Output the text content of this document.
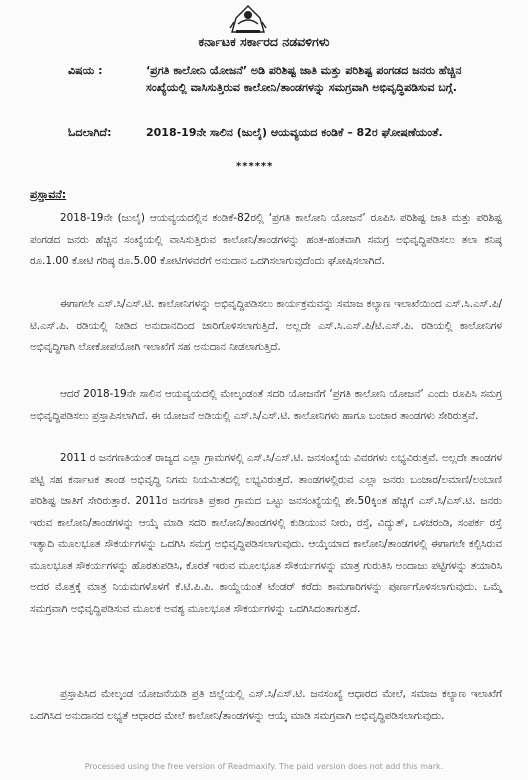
ಕರ್ನಾಟಕ ಸರ್ಕಾರದ ನಡವಳಿಗಳು
ವಿಷಯ :	‘ಪ್ರಗತಿ ಕಾಲೋನಿ ಯೋಜನೆ’ ಅಡಿ ಪರಿಶಿಷ್ಟ ಜಾತಿ ಮತ್ತು ಪರಿಶಿಷ್ಟ ಪಂಗಡದ ಜನರು ಹೆಚ್ಚಿನ ಸಂಖ್ಯೆಯಲ್ಲಿ ವಾಸಿಸುತ್ತಿರುವ ಕಾಲೋನಿ/ತಾಂಡಗಳನ್ನು ಸಮಗ್ರವಾಗಿ ಅಭಿವೃದ್ಧಿಪಡಿಸುವ ಬಗ್ಗೆ.
ಓದಲಾಗಿದೆ:	2018-19ನೇ ಸಾಲಿನ (ಜುಲೈ) ಆಯವ್ಯಯದ ಕಂಡಿಕೆ – 82ರ ಘೋಷಣೆಯಂತೆ.
******
ಪ್ರಸ್ತಾವನೆ:

2018-19ನೇ (ಜುಲೈ) ಆಯವ್ಯಯದಲ್ಲಿನ ಕಂಡಿಕೆ-82ರಲ್ಲಿ ‘ಪ್ರಗತಿ ಕಾಲೋನಿ ಯೋಜನೆ’ ರೂಪಿಸಿ ಪರಿಶಿಷ್ಟ ಜಾತಿ ಮತ್ತು ಪರಿಶಿಷ್ಟ ಪಂಗಡದ ಜನರು ಹೆಚ್ಚಿನ ಸಂಖ್ಯೆಯಲ್ಲಿ ವಾಸಿಸುತ್ತಿರುವ ಕಾಲೋನಿ/ತಾಂಡಗಳನ್ನು ಹಂತ-ಹಂತವಾಗಿ ಸಮಗ್ರ ಅಭಿವೃದ್ಧಿಪಡಿಸಲು ತಲಾ ಕನಿಷ್ಠ ರೂ.1.00 ಕೋಟಿ ಗರಿಷ್ಠ ರೂ.5.00 ಕೋಟಿಗಳವರೆಗೆ ಅನುದಾನ ಒದಗಿಸಲಾಗುವುದೆಂದು ಘೋಷಿಸಲಾಗಿದೆ.

ಈಗಾಗಲೇ ಎಸ್.ಸಿ/ಎಸ್.ಟಿ. ಕಾಲೋನಿಗಳನ್ನು ಅಭಿವೃದ್ಧಿಪಡಿಸಲು ಕಾರ್ಯಕ್ರಮವನ್ನು ಸಮಾಜ ಕಲ್ಯಾಣ ಇಲಾಖೆಯಿಂದ ಎಸ್.ಸಿ.ಎಸ್.ಪಿ/ಟಿ.ಎಸ್.ಪಿ. ರಡಿಯಲ್ಲಿ ನೀಡಿದ ಅನುದಾನದಿಂದ ಜಾರಿಗೊಳಿಸಲಾಗುತ್ತಿದೆ. ಅಲ್ಲದೇ ಎಸ್.ಸಿ.ಎಸ್.ಪಿ/ಟಿ.ಎಸ್.ಪಿ. ರಡಿಯಲ್ಲಿ ಕಾಲೋನಿಗಳ ಅಭಿವೃದ್ಧಿಗಾಗಿ ಲೋಕೋಪಯೋಗಿ ಇಲಾಖೆಗೆ ಸಹ ಅನುದಾನ ನೀಡಲಾಗುತ್ತಿದೆ.

ಆದರೆ 2018-19ನೇ ಸಾಲಿನ ಆಯವ್ಯಯದಲ್ಲಿ ಮೇಲ್ಕಂಡಂತೆ ಸದರಿ ಯೋಜನೆಗೆ ‘ಪ್ರಗತಿ ಕಾಲೋನಿ ಯೋಜನೆ’ ಎಂದು ರೂಪಿಸಿ ಸಮಗ್ರ ಅಭಿವೃದ್ಧಿಪಡಿಸಲು ಪ್ರಸ್ತಾಪಿಸಲಾಗಿದೆ. ಈ ಯೋಜನೆ ಅಡಿಯಲ್ಲಿ ಎಸ್.ಸಿ/ಎಸ್.ಟಿ. ಕಾಲೋನಿಗಳು ಹಾಗೂ ಬಂಜಾರ ತಾಂಡಗಳು ಸೇರಿರುತ್ತವೆ.

2011 ರ ಜನಗಣತಿಯಂತೆ ರಾಜ್ಯದ ಎಲ್ಲಾ ಗ್ರಾಮಗಳಲ್ಲಿ ಎಸ್.ಸಿ/ಎಸ್.ಟಿ. ಜನಸಂಖ್ಯೆಯ ವಿವರಗಳು ಲಭ್ಯವಿರುತ್ತವೆ. ಅಲ್ಲದೇ ತಾಂಡಗಳ ಪಟ್ಟಿ ಸಹ ಕರ್ನಾಟಕ ತಾಂಡ ಅಭಿವೃದ್ಧಿ ನಿಗಮ ನಿಯಮಿತದಲ್ಲಿ ಲಭ್ಯವಿರುತ್ತದೆ. ತಾಂಡಗಳಲ್ಲಿರುವ ಎಲ್ಲಾ ಜನರು ಬಂಜಾರ/ಲಮಾಣಿ/ಲಂಬಾಣಿ ಪರಿಶಿಷ್ಟ ಜಾತಿಗೆ ಸೇರಿರುತ್ತಾರೆ. 2011ರ ಜನಗಣತಿ ಪ್ರಕಾರ ಗ್ರಾಮದ ಒಟ್ಟು ಜನಸಂಖ್ಯೆಯಲ್ಲಿ ಶೇ.50ಕ್ಕಿಂತ ಹೆಚ್ಚಿಗೆ ಎಸ್.ಸಿ/ಎಸ್.ಟಿ. ಜನರು ಇರುವ ಕಾಲೋನಿ/ತಾಂಡಗಳನ್ನು ಆಯ್ಕೆ ಮಾಡಿ ಸದರಿ ಕಾಲೋನಿ/ತಾಂಡಗಳಲ್ಲಿ ಕುಡಿಯುವ ನೀರು, ರಸ್ತೆ, ವಿದ್ಯುತ್, ಒಳಚರಂಡಿ, ಸಂಪರ್ಕ ರಸ್ತೆ ಇತ್ಯಾದಿ ಮೂಲಭೂತ ಸೌಕರ್ಯಗಳನ್ನು ಒದಗಿಸಿ ಸಮಗ್ರ ಅಭಿವೃದ್ಧಿಪಡಿಸಲಾಗುವುದು. ಆಯ್ಕೆಯಾದ ಕಾಲೋನಿ/ತಾಂಡಗಳಲ್ಲಿ ಈಗಾಗಲೇ ಕಲ್ಪಿಸಿರುವ ಮೂಲಭೂತ ಸೌಕರ್ಯಗಳನ್ನು ಹೊರತುಪಡಿಸಿ, ಕೊರತೆ ಇರುವ ಮೂಲಭೂತ ಸೌಕರ್ಯಗಳನ್ನು ಮಾತ್ರ ಗುರುತಿಸಿ ಅಂದಾಜು ಪಟ್ಟಿಗಳನ್ನು ತಯಾರಿಸಿ ಅದರ ಮೊತ್ತಕ್ಕೆ ಮಾತ್ರ ನಿಯಮಗಳೊಳಗೆ ಕೆ.ಟಿ.ಪಿ.ಪಿ. ಕಾಯ್ದೆಯಂತೆ ಟೆಂಡರ್ ಕರೆದು ಕಾಮಗಾರಿಗಳನ್ನು ಪೂರ್ಣಗೊಳಿಸಲಾಗುವುದು. ಒಮ್ಮೆ ಸಮಗ್ರವಾಗಿ ಅಭಿವೃದ್ಧಿಪಡಿಸುವ ಮೂಲಕ ಅವಶ್ಯ ಮೂಲಭೂತ ಸೌಕರ್ಯಗಳನ್ನು ಒದಗಿಸಿದಂತಾಗುತ್ತದೆ.

ಪ್ರಸ್ತಾಪಿಸಿದ ಮೇಲ್ಕಂಡ ಯೋಜನೆಯಡಿ ಪ್ರತಿ ಜಿಲ್ಲೆಯಲ್ಲಿ ಎಸ್.ಸಿ/ಎಸ್.ಟಿ. ಜನಸಂಖ್ಯೆ ಆಧಾರದ ಮೇಲೆ, ಸಮಾಜ ಕಲ್ಯಾಣ ಇಲಾಖೆಗೆ ಒದಗಿಸಿದ ಅನುದಾನದ ಲಭ್ಯತೆ ಆಧಾರದ ಮೇಲೆ ಕಾಲೋನಿ/ತಾಂಡಗಳನ್ನು ಆಯ್ಕೆ ಮಾಡಿ ಸಮಗ್ರವಾಗಿ ಅಭಿವೃದ್ಧಿಪಡಿಸಲಾಗುವುದು.

Processed using the free version of Readmaxify. The paid version does not add this mark.
